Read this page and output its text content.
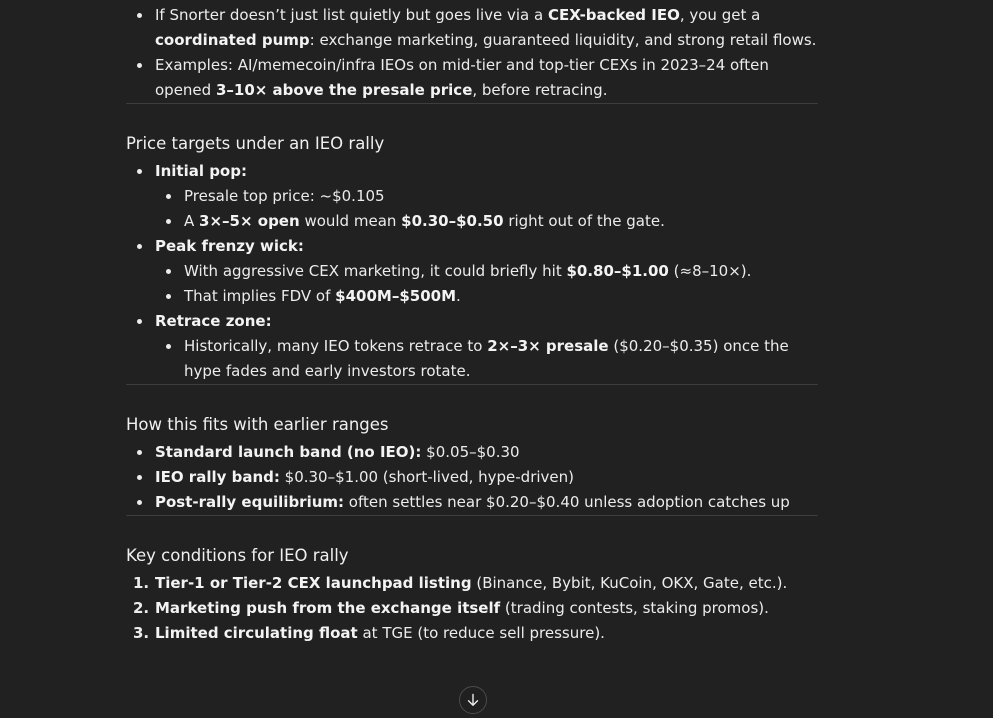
If Snorter doesn’t just list quietly but goes live via a CEX-backed IEO, you get a coordinated pump: exchange marketing, guaranteed liquidity, and strong retail flows.
Examples: AI/memecoin/infra IEOs on mid-tier and top-tier CEXs in 2023–24 often opened 3–10× above the presale price, before retracing.
Price targets under an IEO rally
Initial pop:
Presale top price: ~$0.105
A 3×–5× open would mean $0.30–$0.50 right out of the gate.
Peak frenzy wick:
With aggressive CEX marketing, it could briefly hit $0.80–$1.00 (≈8–10×).
That implies FDV of $400M–$500M.
Retrace zone:
Historically, many IEO tokens retrace to 2×–3× presale ($0.20–$0.35) once the hype fades and early investors rotate.
How this fits with earlier ranges
Standard launch band (no IEO): $0.05–$0.30
IEO rally band: $0.30–$1.00 (short-lived, hype-driven)
Post-rally equilibrium: often settles near $0.20–$0.40 unless adoption catches up
Key conditions for IEO rally
1. Tier-1 or Tier-2 CEX launchpad listing (Binance, Bybit, KuCoin, OKX, Gate, etc.).
2. Marketing push from the exchange itself (trading contests, staking promos).
3. Limited circulating float at TGE (to reduce sell pressure).
